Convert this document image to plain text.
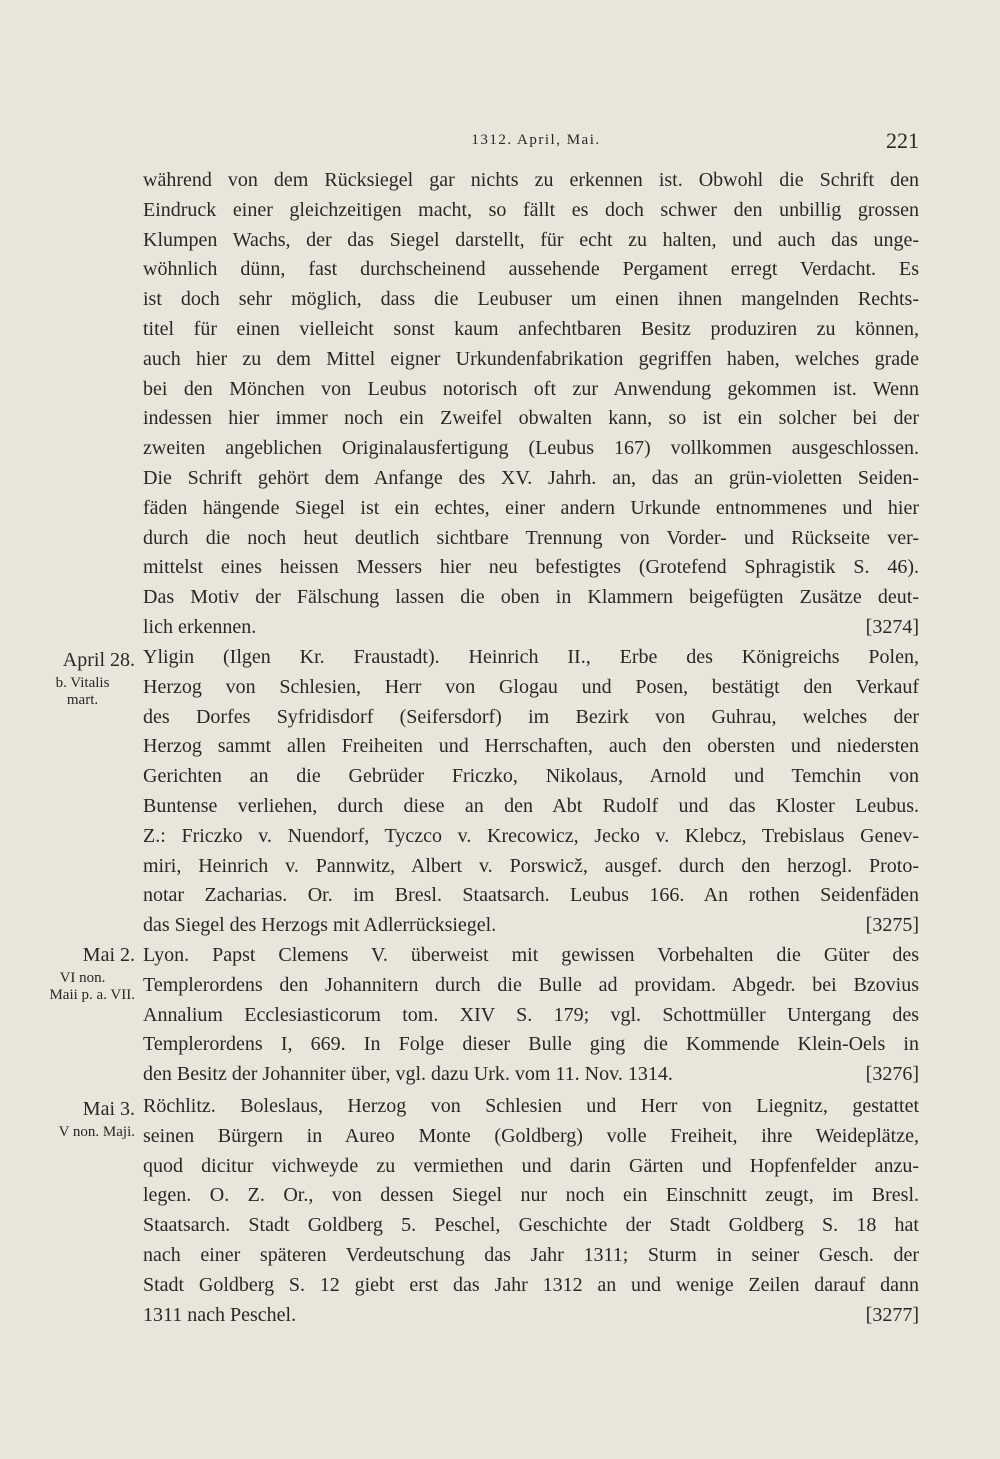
1312. April, Mai.	221
während von dem Rücksiegel gar nichts zu erkennen ist. Obwohl die Schrift den
Eindruck einer gleichzeitigen macht, so fällt es doch schwer den unbillig grossen
Klumpen Wachs, der das Siegel darstellt, für echt zu halten, und auch das unge-
wöhnlich dünn, fast durchscheinend aussehende Pergament erregt Verdacht. Es
ist doch sehr möglich, dass die Leubuser um einen ihnen mangelnden Rechts-
titel für einen vielleicht sonst kaum anfechtbaren Besitz produziren zu können,
auch hier zu dem Mittel eigner Urkundenfabrikation gegriffen haben, welches grade
bei den Mönchen von Leubus notorisch oft zur Anwendung gekommen ist. Wenn
indessen hier immer noch ein Zweifel obwalten kann, so ist ein solcher bei der
zweiten angeblichen Originalausfertigung (Leubus 167) vollkommen ausgeschlossen.
Die Schrift gehört dem Anfange des XV. Jahrh. an, das an grün-violetten Seiden-
fäden hängende Siegel ist ein echtes, einer andern Urkunde entnommenes und hier
durch die noch heut deutlich sichtbare Trennung von Vorder- und Rückseite ver-
mittelst eines heissen Messers hier neu befestigtes (Grotefend Sphragistik S. 46).
Das Motiv der Fälschung lassen die oben in Klammern beigefügten Zusätze deut-
lich erkennen.	[3274]
April 28.
b. Vitalis
mart.
Yligin (Ilgen Kr. Fraustadt). Heinrich II., Erbe des Königreichs Polen,
Herzog von Schlesien, Herr von Glogau und Posen, bestätigt den Verkauf
des Dorfes Syfridisdorf (Seifersdorf) im Bezirk von Guhrau, welches der
Herzog sammt allen Freiheiten und Herrschaften, auch den obersten und niedersten
Gerichten an die Gebrüder Friczko, Nikolaus, Arnold und Temchin von
Buntense verliehen, durch diese an den Abt Rudolf und das Kloster Leubus.
Z.: Friczko v. Nuendorf, Tyczco v. Krecowicz, Jecko v. Klebcz, Trebislaus Genev-
miri, Heinrich v. Pannwitz, Albert v. Porswicž, ausgef. durch den herzogl. Proto-
notar Zacharias. Or. im Bresl. Staatsarch. Leubus 166. An rothen Seidenfäden
das Siegel des Herzogs mit Adlerrücksiegel.	[3275]
Mai 2.
VI non.
Maii p. a. VII.
Lyon. Papst Clemens V. überweist mit gewissen Vorbehalten die Güter des
Templerordens den Johannitern durch die Bulle ad providam. Abgedr. bei Bzovius
Annalium Ecclesiasticorum tom. XIV S. 179; vgl. Schottmüller Untergang des
Templerordens I, 669. In Folge dieser Bulle ging die Kommende Klein-Oels in
den Besitz der Johanniter über, vgl. dazu Urk. vom 11. Nov. 1314.	[3276]
Mai 3.
V non. Maji.
Röchlitz. Boleslaus, Herzog von Schlesien und Herr von Liegnitz, gestattet
seinen Bürgern in Aureo Monte (Goldberg) volle Freiheit, ihre Weideplätze,
quod dicitur vichweyde zu vermiethen und darin Gärten und Hopfenfelder anzu-
legen. O. Z. Or., von dessen Siegel nur noch ein Einschnitt zeugt, im Bresl.
Staatsarch. Stadt Goldberg 5. Peschel, Geschichte der Stadt Goldberg S. 18 hat
nach einer späteren Verdeutschung das Jahr 1311; Sturm in seiner Gesch. der
Stadt Goldberg S. 12 giebt erst das Jahr 1312 an und wenige Zeilen darauf dann
1311 nach Peschel.	[3277]
